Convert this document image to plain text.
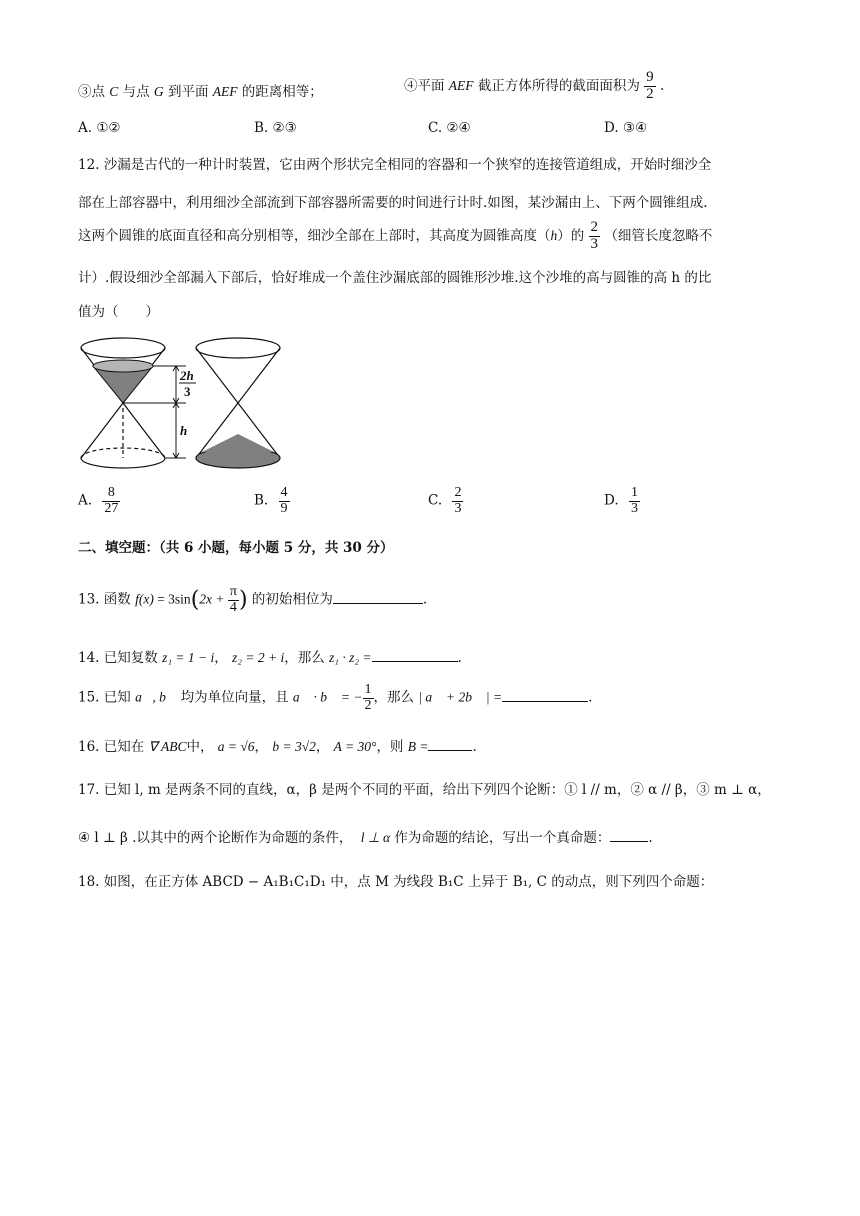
③点 C 与点 G 到平面 AEF 的距离相等；	④平面 AEF 截正方体所得的截面面积为 $\frac{9}{2}$ .
A. ①②	B. ②③	C. ②④	D. ③④
12. 沙漏是古代的一种计时装置，它由两个形状完全相同的容器和一个狭窄的连接管道组成，开始时细沙全
部在上部容器中，利用细沙全部流到下部容器所需要的时间进行计时.如图，某沙漏由上、下两个圆锥组成.
这两个圆锥的底面直径和高分别相等，细沙全部在上部时，其高度为圆锥高度（h）的 $\frac{2}{3}$ （细管长度忽略不
计）.假设细沙全部漏入下部后，恰好堆成一个盖住沙漏底部的圆锥形沙堆.这个沙堆的高与圆锥的高 h 的比
值为（　　）
2h
3
h
A. $\frac{8}{27}$	B. $\frac{4}{9}$	C. $\frac{2}{3}$	D. $\frac{1}{3}$
二、填空题：（共 6 小题，每小题 5 分，共 30 分）
13. 函数 $f(x) = 3\sin(2x + \frac{\pi}{4}$ ) 的初始相位为	.
14. 已知复数 z₁ = 1 − i， z₂ = 2 + i，那么 z₁ · z₂ =	.
15. 已知 a⃗, b⃗ 均为单位向量，且 a⃗ · b⃗ = − $\frac{1}{2}$ ，那么 | a⃗ + 2b⃗ | =	.
16. 已知在 ∇ ABC中， a = √6， b = 3√2， A = 30°，则 B =	.
17. 已知 l, m 是两条不同的直线，α，β 是两个不同的平面，给出下列四个论断：① l // m，② α // β，③ m ⊥ α，
④ l ⊥ β .以其中的两个论断作为命题的条件， l ⊥ α 作为命题的结论，写出一个真命题：	.
18. 如图，在正方体 ABCD − A₁B₁C₁D₁ 中，点 M 为线段 B₁C 上异于 B₁, C 的动点，则下列四个命题：
